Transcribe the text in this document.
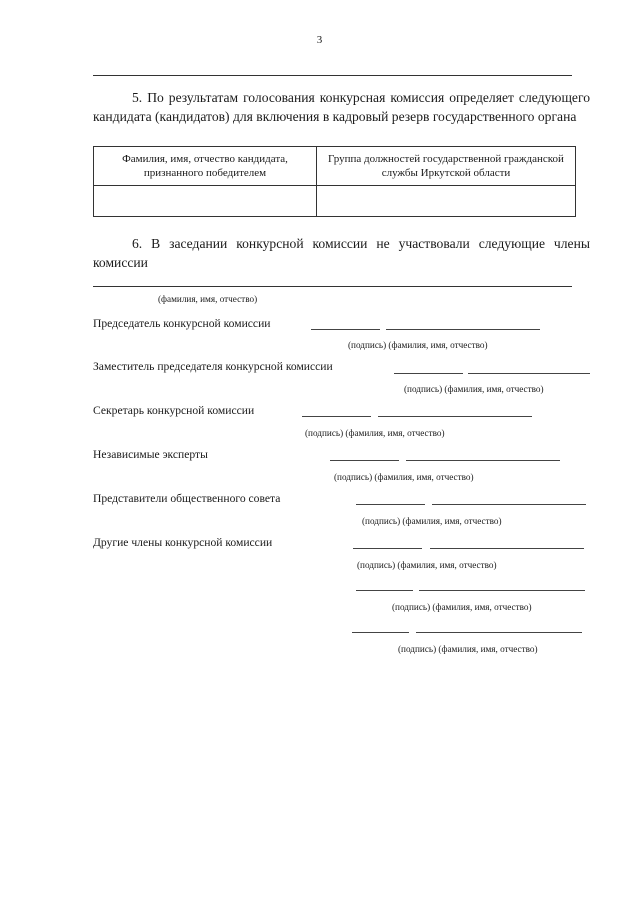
3

5. По результатам голосования конкурсная комиссия определяет следующего кандидата (кандидатов) для включения в кадровый резерв государственного органа

Фамилия, имя, отчество кандидата, признанного победителем	Группа должностей государственной гражданской службы Иркутской области

6. В заседании конкурсной комиссии не участвовали следующие члены комиссии

(фамилия, имя, отчество)
Председатель конкурсной комиссии
(подпись) (фамилия, имя, отчество)
Заместитель председателя конкурсной комиссии
(подпись) (фамилия, имя, отчество)
Секретарь конкурсной комиссии
(подпись) (фамилия, имя, отчество)
Независимые эксперты
(подпись) (фамилия, имя, отчество)
Представители общественного совета
(подпись) (фамилия, имя, отчество)
Другие члены конкурсной комиссии
(подпись) (фамилия, имя, отчество)
(подпись) (фамилия, имя, отчество)
(подпись) (фамилия, имя, отчество)
